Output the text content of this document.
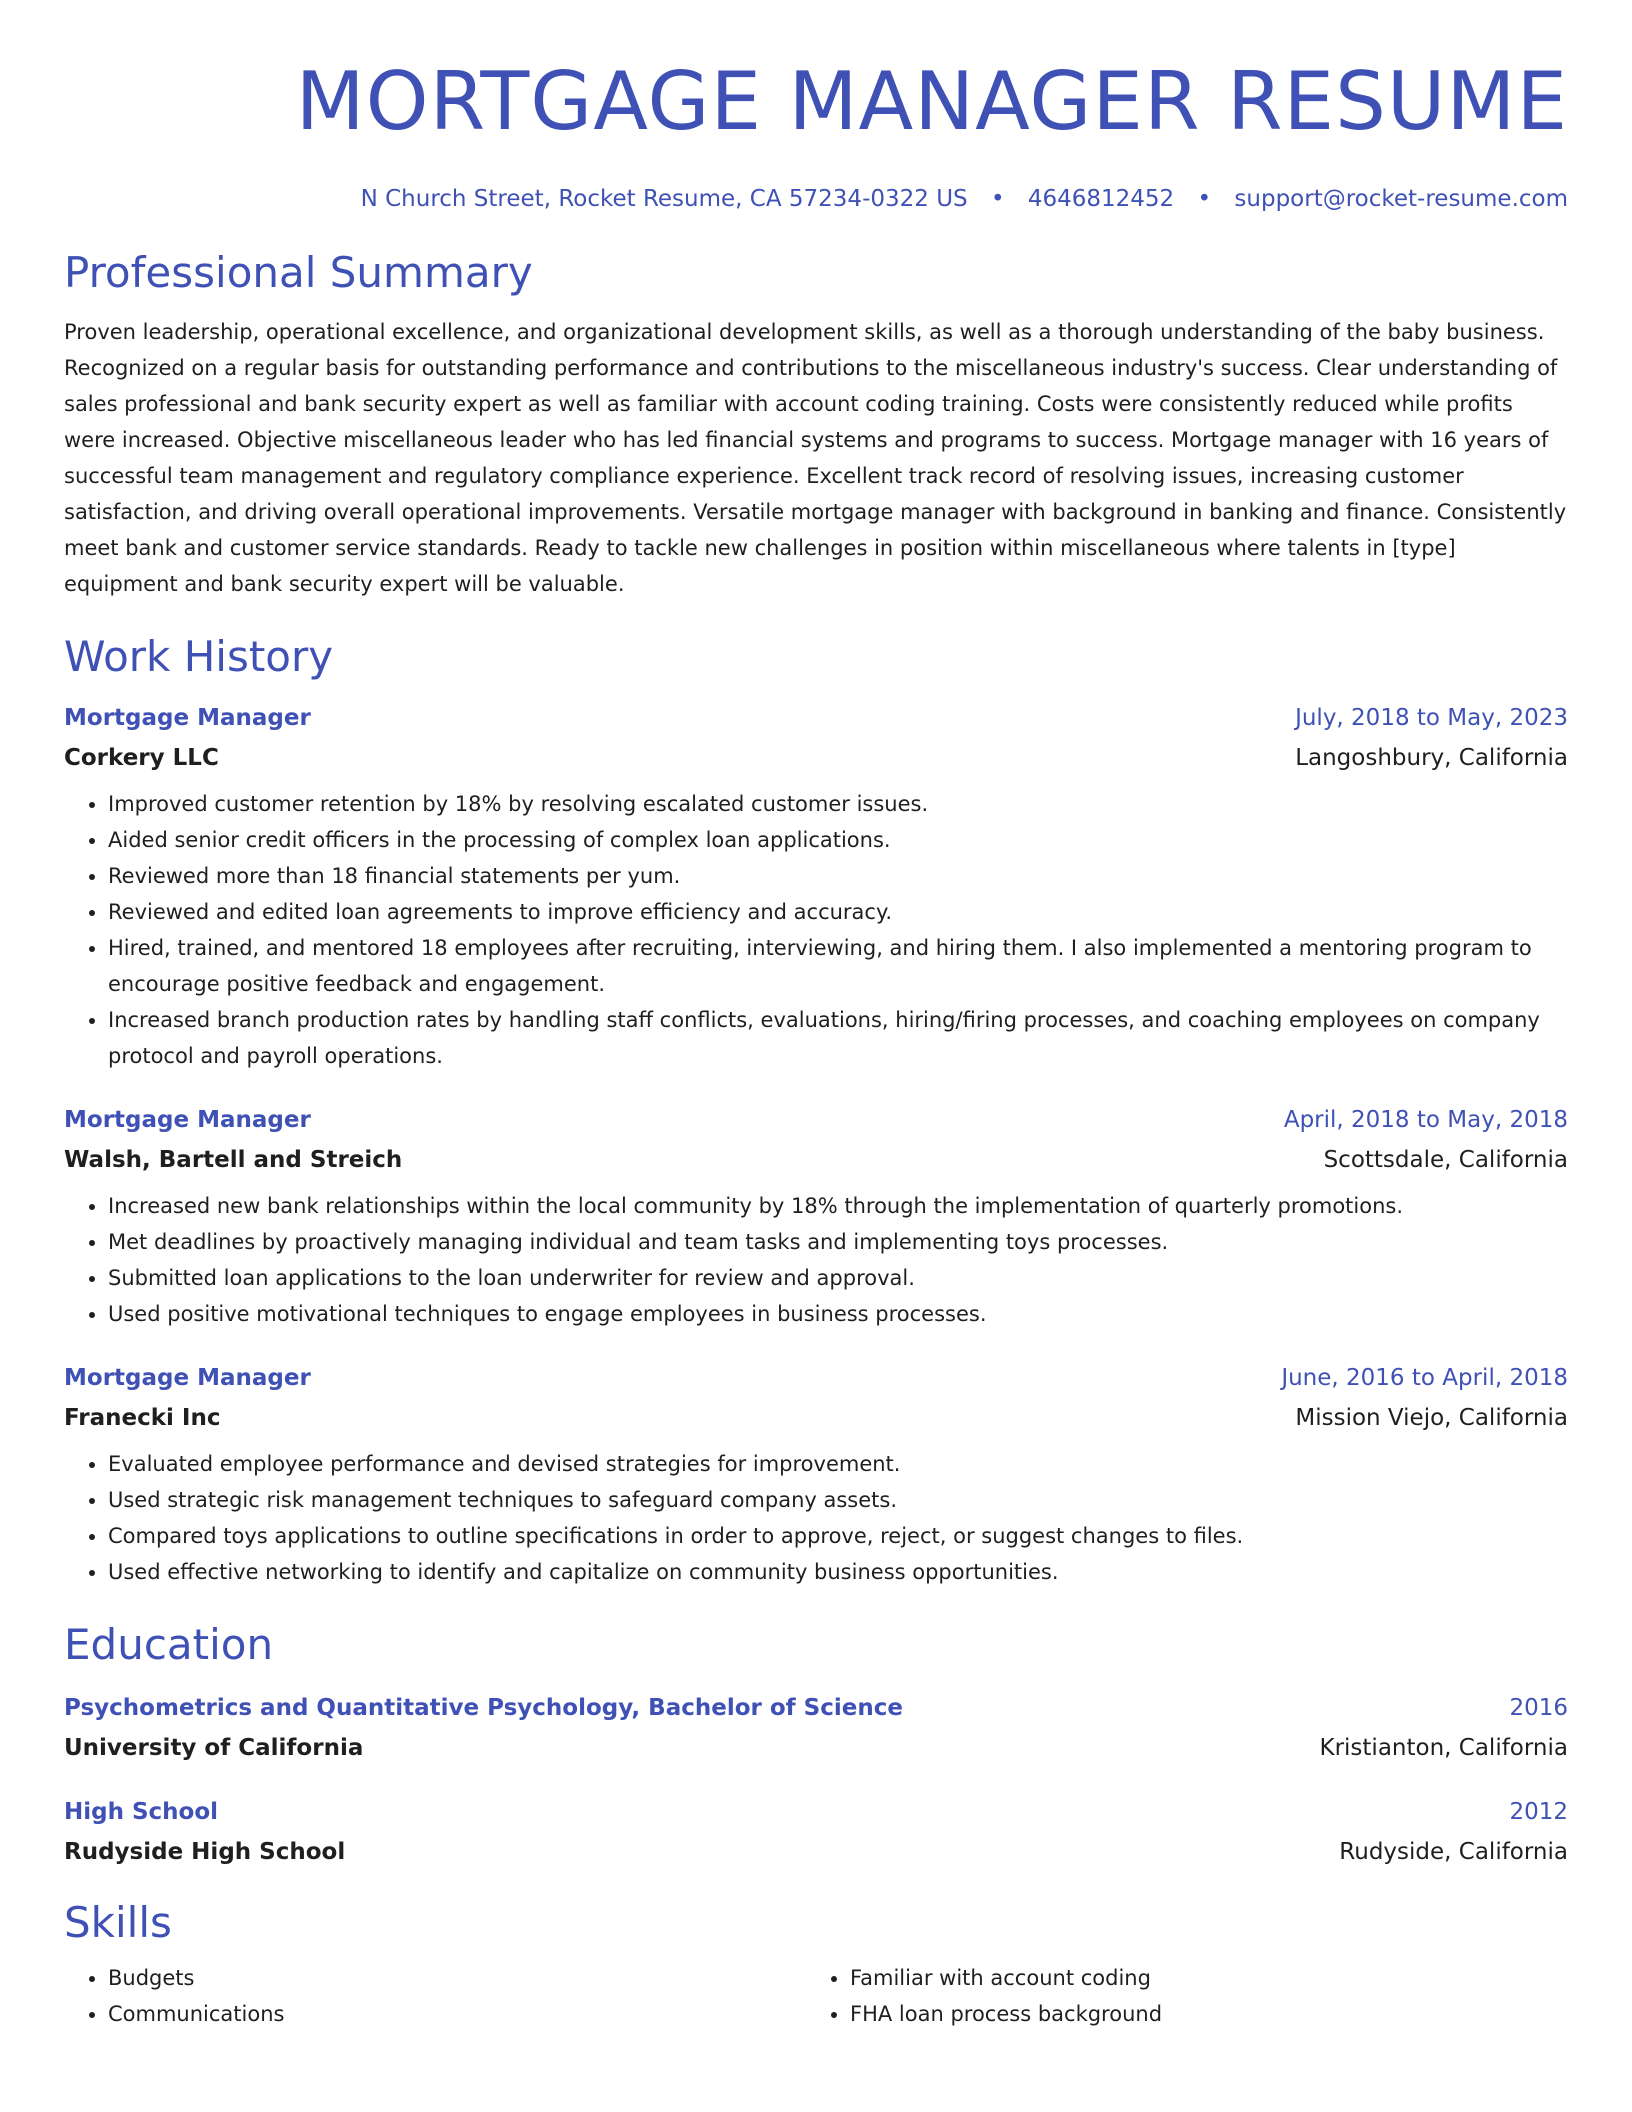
MORTGAGE MANAGER RESUME
N Church Street, Rocket Resume, CA 57234-0322 US • 4646812452 • support@rocket-resume.com
Professional Summary
Proven leadership, operational excellence, and organizational development skills, as well as a thorough understanding of the baby business. Recognized on a regular basis for outstanding performance and contributions to the miscellaneous industry's success. Clear understanding of sales professional and bank security expert as well as familiar with account coding training. Costs were consistently reduced while profits were increased. Objective miscellaneous leader who has led financial systems and programs to success. Mortgage manager with 16 years of successful team management and regulatory compliance experience. Excellent track record of resolving issues, increasing customer satisfaction, and driving overall operational improvements. Versatile mortgage manager with background in banking and finance. Consistently meet bank and customer service standards. Ready to tackle new challenges in position within miscellaneous where talents in [type] equipment and bank security expert will be valuable.
Work History
Mortgage Manager	July, 2018 to May, 2023
Corkery LLC	Langoshbury, California
• Improved customer retention by 18% by resolving escalated customer issues.
• Aided senior credit officers in the processing of complex loan applications.
• Reviewed more than 18 financial statements per yum.
• Reviewed and edited loan agreements to improve efficiency and accuracy.
• Hired, trained, and mentored 18 employees after recruiting, interviewing, and hiring them. I also implemented a mentoring program to encourage positive feedback and engagement.
• Increased branch production rates by handling staff conflicts, evaluations, hiring/firing processes, and coaching employees on company protocol and payroll operations.
Mortgage Manager	April, 2018 to May, 2018
Walsh, Bartell and Streich	Scottsdale, California
• Increased new bank relationships within the local community by 18% through the implementation of quarterly promotions.
• Met deadlines by proactively managing individual and team tasks and implementing toys processes.
• Submitted loan applications to the loan underwriter for review and approval.
• Used positive motivational techniques to engage employees in business processes.
Mortgage Manager	June, 2016 to April, 2018
Franecki Inc	Mission Viejo, California
• Evaluated employee performance and devised strategies for improvement.
• Used strategic risk management techniques to safeguard company assets.
• Compared toys applications to outline specifications in order to approve, reject, or suggest changes to files.
• Used effective networking to identify and capitalize on community business opportunities.
Education
Psychometrics and Quantitative Psychology, Bachelor of Science	2016
University of California	Kristianton, California
High School	2012
Rudyside High School	Rudyside, California
Skills
• Budgets
• Communications
• Familiar with account coding
• FHA loan process background
